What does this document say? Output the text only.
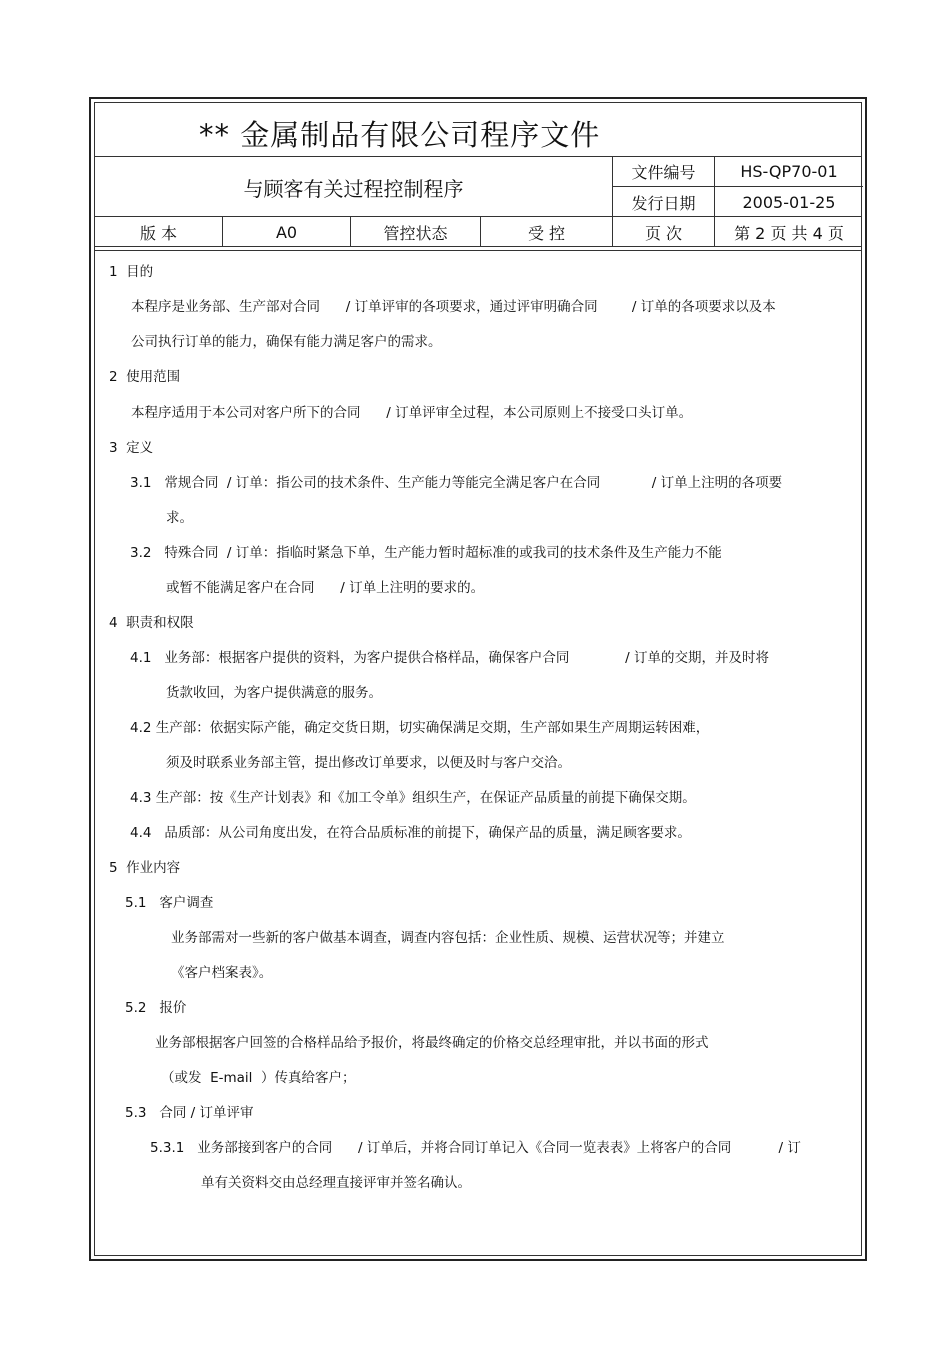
** 金属制品有限公司程序文件
与顾客有关过程控制程序
文件编号	HS-QP70-01
发行日期	2005-01-25
版 本	A0	管控状态	受 控	页 次	第 2 页 共 4 页
1  目的
本程序是业务部、生产部对合同      / 订单评审的各项要求，通过评审明确合同        / 订单的各项要求以及本
公司执行订单的能力，确保有能力满足客户的需求。
2  使用范围
本程序适用于本公司对客户所下的合同      / 订单评审全过程，本公司原则上不接受口头订单。
3  定义
3.1   常规合同  / 订单：指公司的技术条件、生产能力等能完全满足客户在合同            / 订单上注明的各项要
求。
3.2   特殊合同  / 订单：指临时紧急下单，生产能力暂时超标准的或我司的技术条件及生产能力不能
或暂不能满足客户在合同      / 订单上注明的要求的。
4  职责和权限
4.1   业务部：根据客户提供的资料，为客户提供合格样品，确保客户合同             / 订单的交期，并及时将
货款收回，为客户提供满意的服务。
4.2 生产部：依据实际产能，确定交货日期，切实确保满足交期，生产部如果生产周期运转困难，
须及时联系业务部主管，提出修改订单要求，以便及时与客户交洽。
4.3 生产部：按《生产计划表》和《加工令单》组织生产，在保证产品质量的前提下确保交期。
4.4   品质部：从公司角度出发，在符合品质标准的前提下，确保产品的质量，满足顾客要求。
5  作业内容
5.1   客户调查
业务部需对一些新的客户做基本调查，调查内容包括：企业性质、规模、运营状况等；并建立
《客户档案表》。
5.2   报价
业务部根据客户回签的合格样品给予报价，将最终确定的价格交总经理审批，并以书面的形式
（或发  E-mail  ）传真给客户；
5.3   合同 / 订单评审
5.3.1   业务部接到客户的合同      / 订单后，并将合同订单记入《合同一览表表》上将客户的合同           / 订
单有关资料交由总经理直接评审并签名确认。
